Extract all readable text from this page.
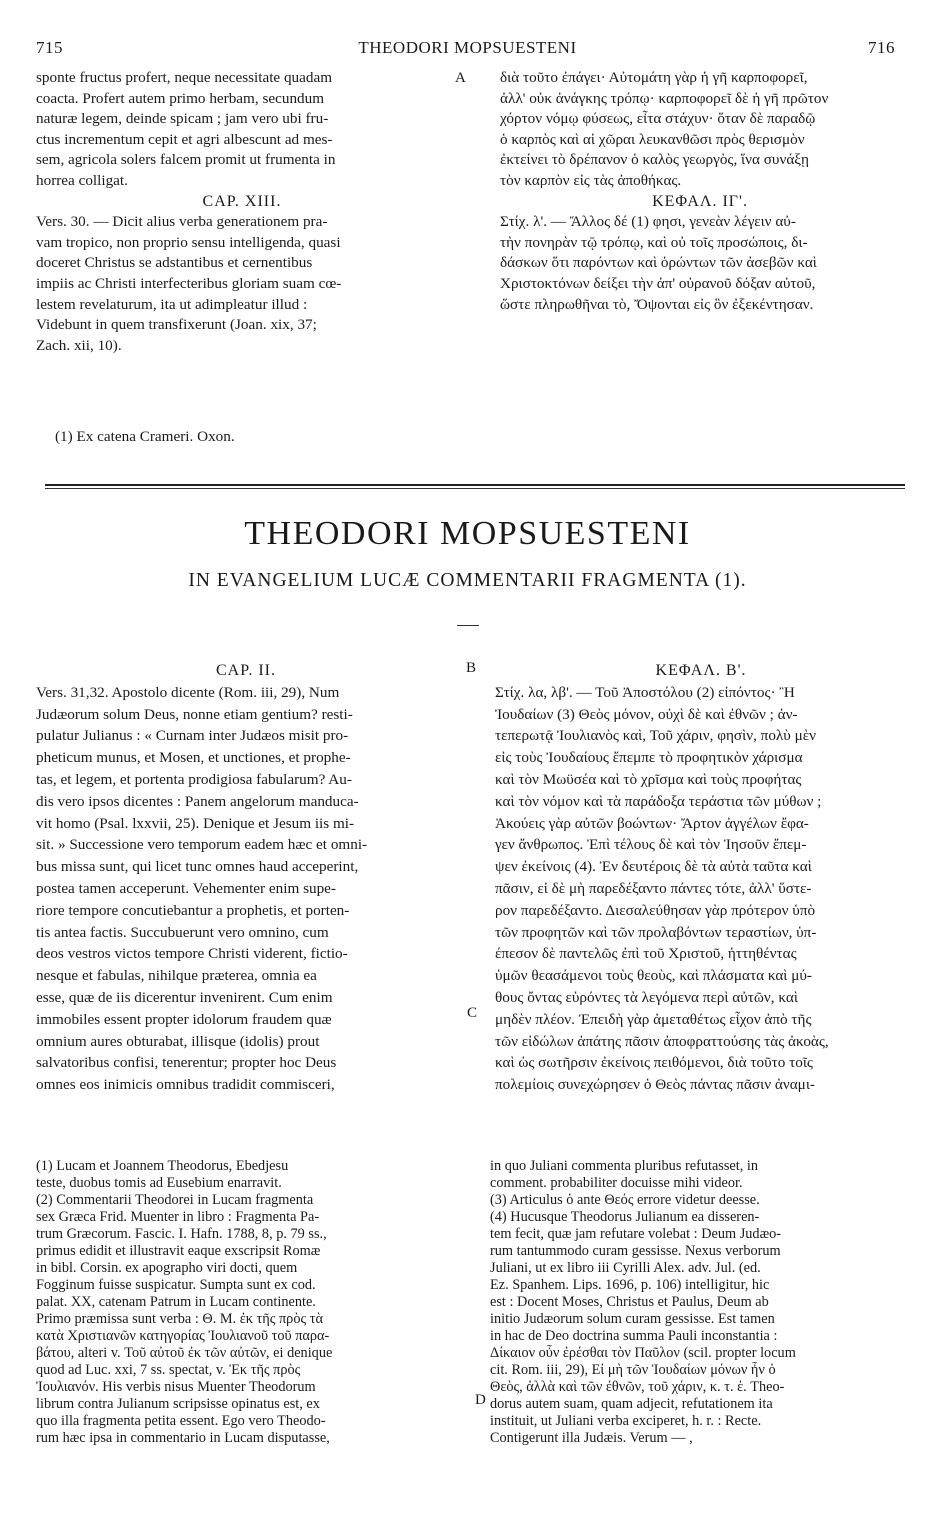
715	THEODORI MOPSUESTENI	716
sponte fructus profert, neque necessitate quadam
coacta. Profert autem primo herbam, secundum
naturæ legem, deinde spicam ; jam vero ubi fru-
ctus incrementum cepit et agri albescunt ad mes-
sem, agricola solers falcem promit ut frumenta in
horrea colligat.
CAP. XIII.
Vers. 30. — Dicit alius verba generationem pra-
vam tropico, non proprio sensu intelligenda, quasi
doceret Christus se adstantibus et cernentibus
impiis ac Christi interfecteribus gloriam suam cœ-
lestem revelaturum, ita ut adimpleatur illud :
Videbunt in quem transfixerunt (Joan. xix, 37;
Zach. xii, 10).
διὰ τοῦτο ἐπάγει· Αὐτομάτη γὰρ ἡ γῆ καρποφορεῖ,
ἀλλ' οὐκ ἀνάγκης τρόπῳ· καρποφορεῖ δὲ ἡ γῆ πρῶτον
χόρτον νόμῳ φύσεως, εἶτα στάχυν· ὅταν δὲ παραδῷ
ὁ καρπὸς καὶ αἱ χῶραι λευκανθῶσι πρὸς θερισμὸν
ἐκτείνει τὸ δρέπανον ὁ καλὸς γεωργὸς, ἵνα συνάξῃ
τὸν καρπὸν εἰς τὰς ἀποθήκας.
ΚΕΦΑΛ. ΙΓ'.
Στίχ. λ'. — Ἄλλος δέ (1) φησι, γενεὰν λέγειν αὐ-
τὴν πονηρὰν τῷ τρόπῳ, καὶ οὐ τοῖς προσώποις, δι-
δάσκων ὅτι παρόντων καὶ ὁρώντων τῶν ἀσεβῶν καὶ
Χριστοκτόνων δείξει τὴν ἀπ' οὐρανοῦ δόξαν αὐτοῦ,
ὥστε πληρωθῆναι τὸ, Ὄψονται εἰς ὃν ἐξεκέντησαν.
A
(1) Ex catena Crameri. Oxon.
THEODORI MOPSUESTENI
IN EVANGELIUM LUCÆ COMMENTARII FRAGMENTA (1).
B
C
D
CAP. II.
Vers. 31,32. Apostolo dicente (Rom. iii, 29), Num
Judæorum solum Deus, nonne etiam gentium? resti-
pulatur Julianus : « Curnam inter Judæos misit pro-
pheticum munus, et Mosen, et unctiones, et prophe-
tas, et legem, et portenta prodigiosa fabularum? Au-
dis vero ipsos dicentes : Panem angelorum manduca-
vit homo (Psal. lxxvii, 25). Denique et Jesum iis mi-
sit. » Successione vero temporum eadem hæc et omni-
bus missa sunt, qui licet tunc omnes haud acceperint,
postea tamen acceperunt. Vehementer enim supe-
riore tempore concutiebantur a prophetis, et porten-
tis antea factis. Succubuerunt vero omnino, cum
deos vestros victos tempore Christi viderent, fictio-
nesque et fabulas, nihilque præterea, omnia ea
esse, quæ de iis dicerentur invenirent. Cum enim
immobiles essent propter idolorum fraudem quæ
omnium aures obturabat, illisque (idolis) prout
salvatoribus confisi, tenerentur; propter hoc Deus
omnes eos inimicis omnibus tradidit commisceri,
ΚΕΦΑΛ. Β'.
Στίχ. λα, λβ'. — Τοῦ Ἀποστόλου (2) εἰπόντος· Ἢ
Ἰουδαίων (3) Θεὸς μόνον, οὐχὶ δὲ καὶ ἐθνῶν ; ἀν-
τεπερωτᾷ Ἰουλιανὸς καὶ, Τοῦ χάριν, φησὶν, πολὺ μὲν
εἰς τοὺς Ἰουδαίους ἔπεμπε τὸ προφητικὸν χάρισμα
καὶ τὸν Μωϋσέα καὶ τὸ χρῖσμα καὶ τοὺς προφήτας
καὶ τὸν νόμον καὶ τὰ παράδοξα τεράστια τῶν μύθων ;
Ἀκούεις γὰρ αὐτῶν βοώντων· Ἄρτον ἀγγέλων ἔφα-
γεν ἄνθρωπος. Ἐπὶ τέλους δὲ καὶ τὸν Ἰησοῦν ἔπεμ-
ψεν ἐκείνοις (4). Ἐν δευτέροις δὲ τὰ αὐτὰ ταῦτα καὶ
πᾶσιν, εἰ δὲ μὴ παρεδέξαντο πάντες τότε, ἀλλ' ὕστε-
ρον παρεδέξαντο. Διεσαλεύθησαν γὰρ πρότερον ὑπὸ
τῶν προφητῶν καὶ τῶν προλαβόντων τεραστίων, ὑπ-
έπεσον δὲ παντελῶς ἐπὶ τοῦ Χριστοῦ, ἡττηθέντας
ὑμῶν θεασάμενοι τοὺς θεοὺς, καὶ πλάσματα καὶ μύ-
θους ὄντας εὑρόντες τὰ λεγόμενα περὶ αὐτῶν, καὶ
μηδὲν πλέον. Ἐπειδὴ γὰρ ἀμεταθέτως εἶχον ἀπὸ τῆς
τῶν εἰδώλων ἀπάτης πᾶσιν ἀποφραττούσης τὰς ἀκοὰς,
καὶ ὡς σωτῆρσιν ἐκείνοις πειθόμενοι, διὰ τοῦτο τοῖς
πολεμίοις συνεχώρησεν ὁ Θεὸς πάντας πᾶσιν ἀναμι-
(1) Lucam et Joannem Theodorus, Ebedjesu
teste, duobus tomis ad Eusebium enarravit.
(2) Commentarii Theodorei in Lucam fragmenta
sex Græca Frid. Muenter in libro : Fragmenta Pa-
trum Græcorum. Fascic. I. Hafn. 1788, 8, p. 79 ss.,
primus edidit et illustravit eaque exscripsit Romæ
in bibl. Corsin. ex apographo viri docti, quem
Fogginum fuisse suspicatur. Sumpta sunt ex cod.
palat. XX, catenam Patrum in Lucam continente.
Primo præmissa sunt verba : Θ. Μ. ἐκ τῆς πρὸς τὰ
κατὰ Χριστιανῶν κατηγορίας Ἰουλιανοῦ τοῦ παρα-
βάτου, alteri v. Τοῦ αὐτοῦ ἐκ τῶν αὐτῶν, ei denique
quod ad Luc. xxi, 7 ss. spectat, v. Ἐκ τῆς πρὸς
Ἰουλιανόν. His verbis nisus Muenter Theodorum
librum contra Julianum scripsisse opinatus est, ex
quo illa fragmenta petita essent. Ego vero Theodo-
rum hæc ipsa in commentario in Lucam disputasse,
in quo Juliani commenta pluribus refutasset, in
comment. probabiliter docuisse mihi videor.
(3) Articulus ὁ ante Θεός errore videtur deesse.
(4) Hucusque Theodorus Julianum ea disseren-
tem fecit, quæ jam refutare volebat : Deum Judæo-
rum tantummodo curam gessisse. Nexus verborum
Juliani, ut ex libro iii Cyrilli Alex. adv. Jul. (ed.
Ez. Spanhem. Lips. 1696, p. 106) intelligitur, hic
est : Docent Moses, Christus et Paulus, Deum ab
initio Judæorum solum curam gessisse. Est tamen
in hac de Deo doctrina summa Pauli inconstantia :
Δίκαιον οὖν ἐρέσθαι τὸν Παῦλον (scil. propter locum
cit. Rom. iii, 29), Εἰ μὴ τῶν Ἰουδαίων μόνων ἦν ὁ
Θεὸς, ἀλλὰ καὶ τῶν ἐθνῶν, τοῦ χάριν, κ. τ. ἑ. Theo-
dorus autem suam, quam adjecit, refutationem ita
instituit, ut Juliani verba exciperet, h. r. : Recte.
Contigerunt illa Judæis. Verum — ,
